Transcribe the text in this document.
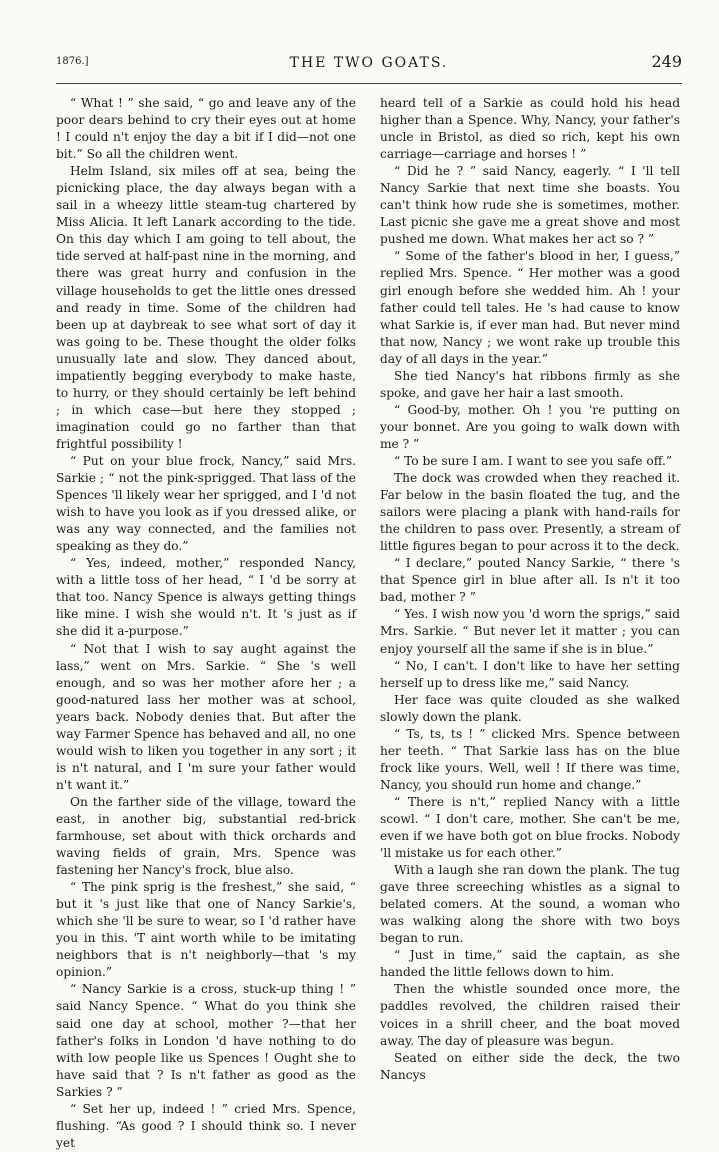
1876.]	THE TWO GOATS.	249

“ What ! ” she said, “ go and leave any of the poor dears behind to cry their eyes out at home ! I could n't enjoy the day a bit if I did—not one bit.” So all the children went.

Helm Island, six miles off at sea, being the picnicking place, the day always began with a sail in a wheezy little steam-tug chartered by Miss Alicia. It left Lanark according to the tide. On this day which I am going to tell about, the tide served at half-past nine in the morning, and there was great hurry and confusion in the village households to get the little ones dressed and ready in time. Some of the children had been up at daybreak to see what sort of day it was going to be. These thought the older folks unusually late and slow. They danced about, impatiently begging everybody to make haste, to hurry, or they should certainly be left behind ; in which case—but here they stopped ; imagination could go no farther than that frightful possibility !

“ Put on your blue frock, Nancy,” said Mrs. Sarkie ; “ not the pink-sprigged. That lass of the Spences 'll likely wear her sprigged, and I 'd not wish to have you look as if you dressed alike, or was any way connected, and the families not speaking as they do.”

“ Yes, indeed, mother,” responded Nancy, with a little toss of her head, “ I 'd be sorry at that too. Nancy Spence is always getting things like mine. I wish she would n't. It 's just as if she did it a-purpose.”

“ Not that I wish to say aught against the lass,” went on Mrs. Sarkie. “ She 's well enough, and so was her mother afore her ; a good-natured lass her mother was at school, years back. Nobody denies that. But after the way Farmer Spence has behaved and all, no one would wish to liken you together in any sort ; it is n't natural, and I 'm sure your father would n't want it.”

On the farther side of the village, toward the east, in another big, substantial red-brick farmhouse, set about with thick orchards and waving fields of grain, Mrs. Spence was fastening her Nancy's frock, blue also.

“ The pink sprig is the freshest,” she said, “ but it 's just like that one of Nancy Sarkie's, which she 'll be sure to wear, so I 'd rather have you in this. 'T aint worth while to be imitating neighbors that is n't neighborly—that 's my opinion.”

“ Nancy Sarkie is a cross, stuck-up thing ! ” said Nancy Spence. “ What do you think she said one day at school, mother ?—that her father's folks in London 'd have nothing to do with low people like us Spences ! Ought she to have said that ? Is n't father as good as the Sarkies ? ”

“ Set her up, indeed ! ” cried Mrs. Spence, flushing. “As good ? I should think so. I never yet

heard tell of a Sarkie as could hold his head higher than a Spence. Why, Nancy, your father's uncle in Bristol, as died so rich, kept his own carriage—carriage and horses ! ”

“ Did he ? ” said Nancy, eagerly. “ I 'll tell Nancy Sarkie that next time she boasts. You can't think how rude she is sometimes, mother. Last picnic she gave me a great shove and most pushed me down. What makes her act so ? ”

“ Some of the father's blood in her, I guess,” replied Mrs. Spence. “ Her mother was a good girl enough before she wedded him. Ah ! your father could tell tales. He 's had cause to know what Sarkie is, if ever man had. But never mind that now, Nancy ; we wont rake up trouble this day of all days in the year.”

She tied Nancy's hat ribbons firmly as she spoke, and gave her hair a last smooth.

“ Good-by, mother. Oh ! you 're putting on your bonnet. Are you going to walk down with me ? ”

“ To be sure I am. I want to see you safe off.”

The dock was crowded when they reached it. Far below in the basin floated the tug, and the sailors were placing a plank with hand-rails for the children to pass over. Presently, a stream of little figures began to pour across it to the deck.

“ I declare,” pouted Nancy Sarkie, “ there 's that Spence girl in blue after all. Is n't it too bad, mother ? ”

“ Yes. I wish now you 'd worn the sprigs,” said Mrs. Sarkie. “ But never let it matter ; you can enjoy yourself all the same if she is in blue.”

“ No, I can't. I don't like to have her setting herself up to dress like me,” said Nancy.

Her face was quite clouded as she walked slowly down the plank.

“ Ts, ts, ts ! ” clicked Mrs. Spence between her teeth. “ That Sarkie lass has on the blue frock like yours. Well, well ! If there was time, Nancy, you should run home and change.”

“ There is n't,” replied Nancy with a little scowl. “ I don't care, mother. She can't be me, even if we have both got on blue frocks. Nobody 'll mistake us for each other.”

With a laugh she ran down the plank. The tug gave three screeching whistles as a signal to belated comers. At the sound, a woman who was walking along the shore with two boys began to run.

“ Just in time,” said the captain, as she handed the little fellows down to him.

Then the whistle sounded once more, the paddles revolved, the children raised their voices in a shrill cheer, and the boat moved away. The day of pleasure was begun.

Seated on either side the deck, the two Nancys
